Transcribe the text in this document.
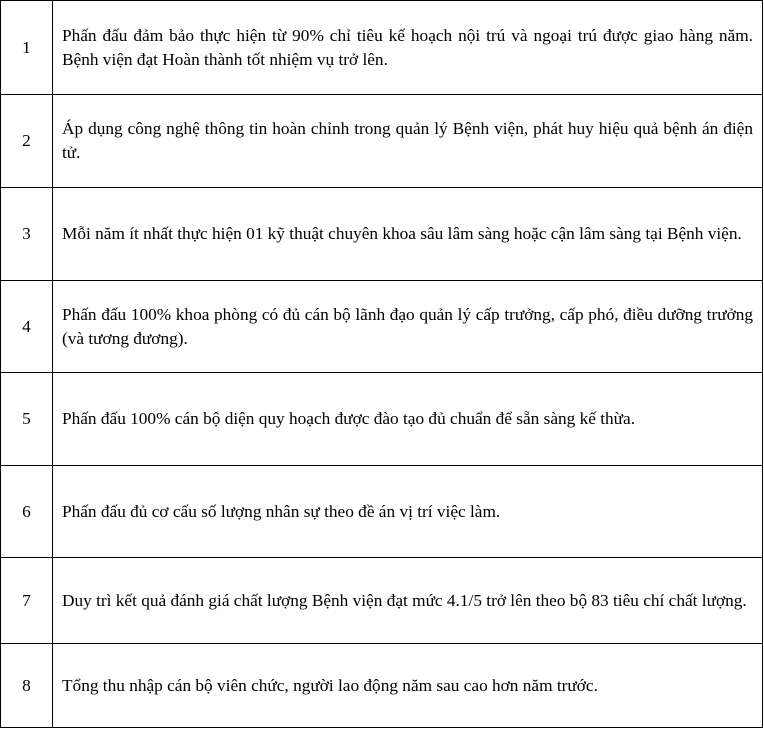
1	Phấn đấu đảm bảo thực hiện từ 90% chỉ tiêu kế hoạch nội trú và ngoại trú được giao hàng năm. Bệnh viện đạt Hoàn thành tốt nhiệm vụ trở lên.
2	Áp dụng công nghệ thông tin hoàn chỉnh trong quản lý Bệnh viện, phát huy hiệu quả bệnh án điện tử.
3	Mỗi năm ít nhất thực hiện 01 kỹ thuật chuyên khoa sâu lâm sàng hoặc cận lâm sàng tại Bệnh viện.
4	Phấn đấu 100% khoa phòng có đủ cán bộ lãnh đạo quản lý cấp trưởng, cấp phó, điều dưỡng trưởng (và tương đương).
5	Phấn đấu 100% cán bộ diện quy hoạch được đào tạo đủ chuẩn để sẵn sàng kế thừa.
6	Phấn đấu đủ cơ cấu số lượng nhân sự theo đề án vị trí việc làm.
7	Duy trì kết quả đánh giá chất lượng Bệnh viện đạt mức 4.1/5 trở lên theo bộ 83 tiêu chí chất lượng.
8	Tổng thu nhập cán bộ viên chức, người lao động năm sau cao hơn năm trước.
